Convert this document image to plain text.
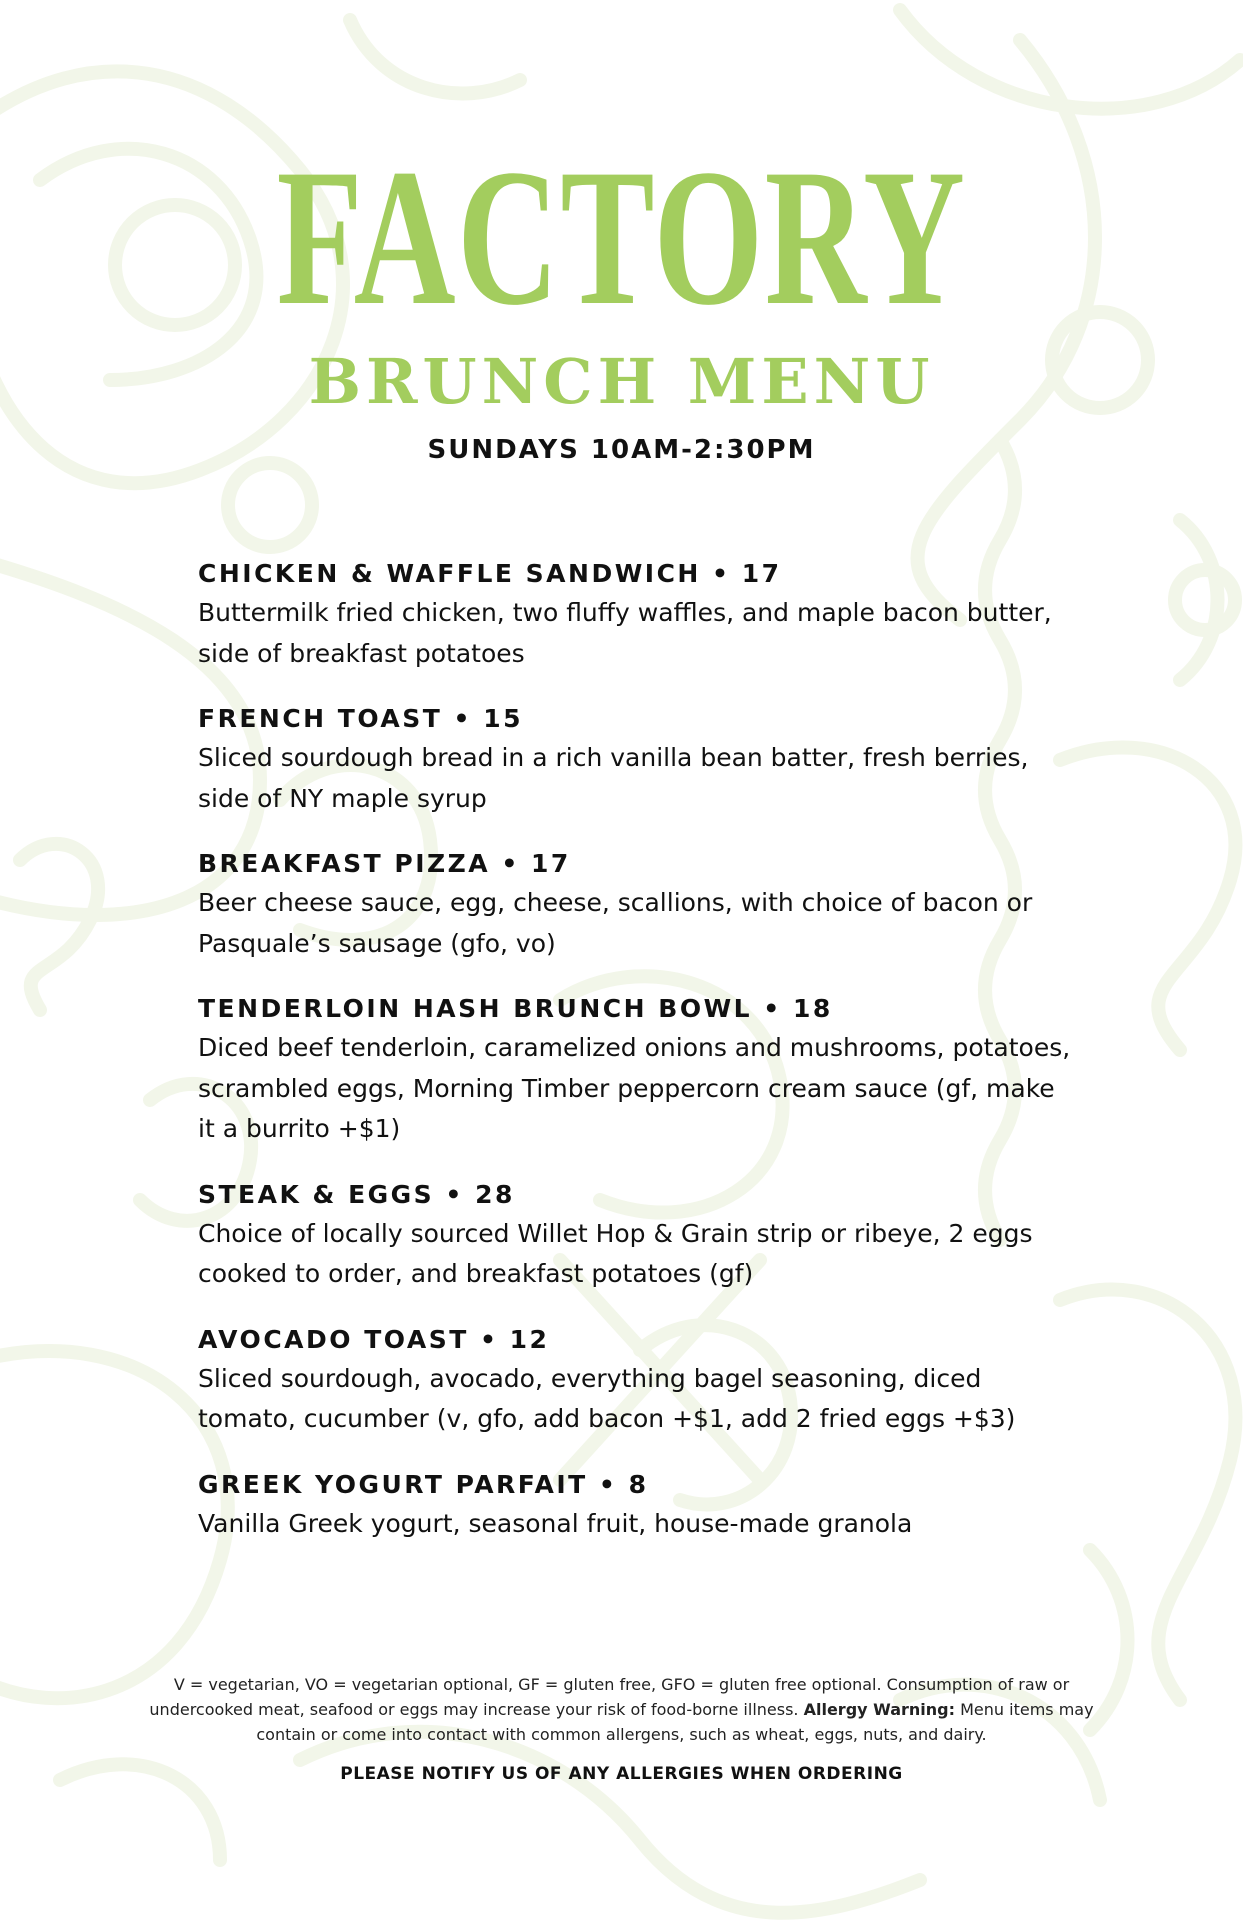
FACTORY
BRUNCH MENU
SUNDAYS 10AM-2:30PM
CHICKEN & WAFFLE SANDWICH • 17
Buttermilk fried chicken, two fluffy waffles, and maple bacon butter, side of breakfast potatoes
FRENCH TOAST • 15
Sliced sourdough bread in a rich vanilla bean batter, fresh berries, side of NY maple syrup
BREAKFAST PIZZA • 17
Beer cheese sauce, egg, cheese, scallions, with choice of bacon or Pasquale’s sausage (gfo, vo)
TENDERLOIN HASH BRUNCH BOWL • 18
Diced beef tenderloin, caramelized onions and mushrooms, potatoes, scrambled eggs, Morning Timber peppercorn cream sauce (gf, make it a burrito +$1)
STEAK & EGGS • 28
Choice of locally sourced Willet Hop & Grain strip or ribeye, 2 eggs cooked to order, and breakfast potatoes (gf)
AVOCADO TOAST • 12
Sliced sourdough, avocado, everything bagel seasoning, diced tomato, cucumber (v, gfo, add bacon +$1, add 2 fried eggs +$3)
GREEK YOGURT PARFAIT • 8
Vanilla Greek yogurt, seasonal fruit, house-made granola
V = vegetarian, VO = vegetarian optional, GF = gluten free, GFO = gluten free optional. Consumption of raw or undercooked meat, seafood or eggs may increase your risk of food-borne illness. Allergy Warning: Menu items may contain or come into contact with common allergens, such as wheat, eggs, nuts, and dairy.
PLEASE NOTIFY US OF ANY ALLERGIES WHEN ORDERING
